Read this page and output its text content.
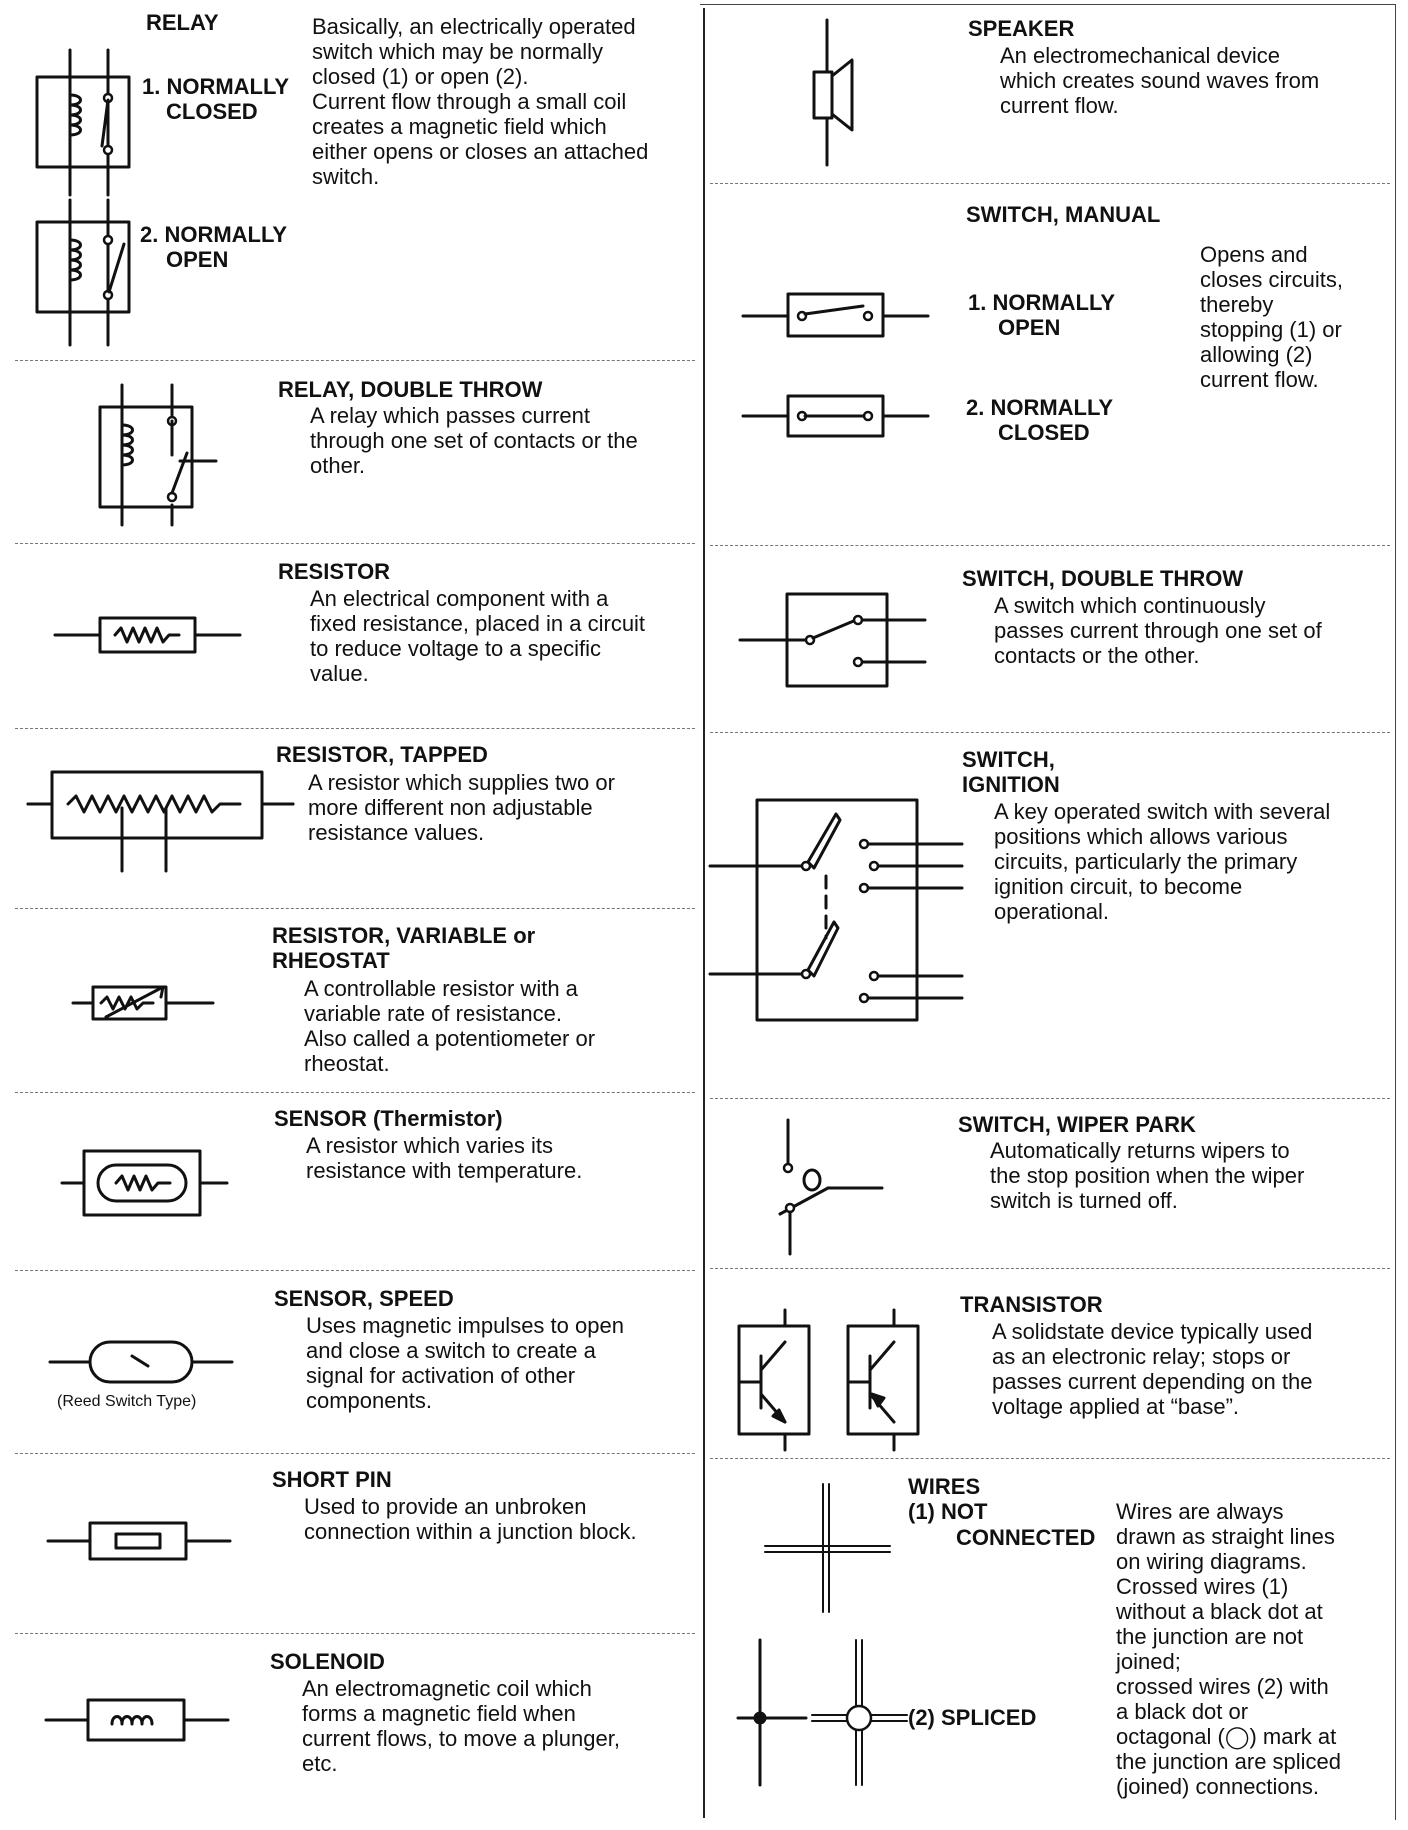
RELAY	Basically, an electrically operated
switch which may be normally
closed (1) or open (2).
Current flow through a small coil
creates a magnetic field which
either opens or closes an attached
switch.
1. NORMALLY
CLOSED
2. NORMALLY
OPEN
RELAY, DOUBLE THROW
A relay which passes current
through one set of contacts or the
other.
RESISTOR
An electrical component with a
fixed resistance, placed in a circuit
to reduce voltage to a specific
value.
RESISTOR, TAPPED
A resistor which supplies two or
more different non adjustable
resistance values.
RESISTOR, VARIABLE or
RHEOSTAT
A controllable resistor with a
variable rate of resistance.
Also called a potentiometer or
rheostat.
SENSOR (Thermistor)
A resistor which varies its
resistance with temperature.
SENSOR, SPEED
Uses magnetic impulses to open
and close a switch to create a
signal for activation of other
components.
(Reed Switch Type)
SHORT PIN
Used to provide an unbroken
connection within a junction block.
SOLENOID
An electromagnetic coil which
forms a magnetic field when
current flows, to move a plunger,
etc.
SPEAKER
An electromechanical device
which creates sound waves from
current flow.
SWITCH, MANUAL
1. NORMALLY
OPEN
2. NORMALLY
CLOSED
Opens and
closes circuits,
thereby
stopping (1) or
allowing (2)
current flow.
SWITCH, DOUBLE THROW
A switch which continuously
passes current through one set of
contacts or the other.
SWITCH,
IGNITION
A key operated switch with several
positions which allows various
circuits, particularly the primary
ignition circuit, to become
operational.
SWITCH, WIPER PARK
Automatically returns wipers to
the stop position when the wiper
switch is turned off.
TRANSISTOR
A solidstate device typically used
as an electronic relay; stops or
passes current depending on the
voltage applied at “base”.
WIRES
(1) NOT
CONNECTED
(2) SPLICED
Wires are always
drawn as straight lines
on wiring diagrams.
Crossed wires (1)
without a black dot at
the junction are not
joined;
crossed wires (2) with
a black dot or
octagonal (◯) mark at
the junction are spliced
(joined) connections.
